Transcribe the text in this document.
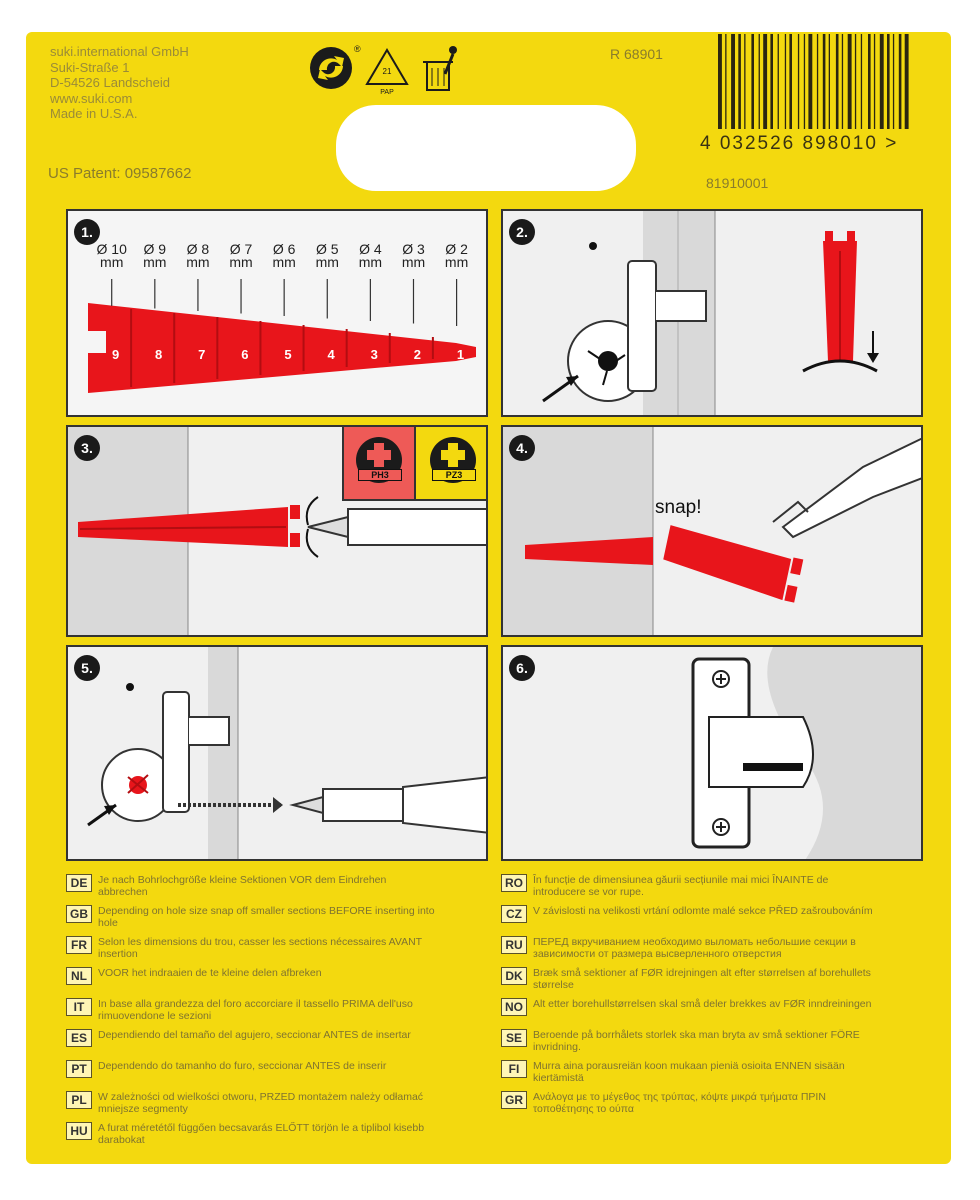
suki.international GmbH
Suki-Straße 1
D-54526 Landscheid
www.suki.com
Made in U.S.A.
US Patent: 09587662
R 68901
81910001
®
21
PAP
4 032526 898010 >
1.
9	8	7	6	5	4	3	2	1
Ø 10
mm
Ø 9
mm
Ø 8
mm
Ø 7
mm
Ø 6
mm
Ø 5
mm
Ø 4
mm
Ø 3
mm
Ø 2
mm
2.
PH3	PZ3
3.
snap!
4.
5.	6.
DE	Je nach Bohrlochgröße kleine Sektionen VOR dem Eindrehen abbrechen
GB Depending on hole size snap off smaller sections BEFORE inserting into hole
FR	Selon les dimensions du trou, casser les sections nécessaires AVANT insertion
NL	VOOR het indraaien de te kleine delen afbreken
IT	In base alla grandezza del foro accorciare il tassello PRIMA dell'uso rimuovendone le sezioni
ES	Dependiendo del tamaño del agujero, seccionar ANTES de insertar
PT	Dependendo do tamanho do furo, seccionar ANTES de inserir
PL	W zależności od wielkości otworu, PRZED montażem należy odłamać mniejsze segmenty
HU A furat méretétől függően becsavarás ELŐTT törjön le a tiplibol kisebb darabokat
RO În funcție de dimensiunea găurii secțiunile mai mici ÎNAINTE de introducere se vor rupe.
CZ	V závislosti na velikosti vrtání odlomte malé sekce PŘED zašroubováním
RU ПЕРЕД вкручиванием необходимо выломать небольшие секции в зависимости от размера высверленного отверстия
DK Bræk små sektioner af FØR idrejningen alt efter størrelsen af borehullets størrelse
NO Alt etter borehullstørrelsen skal små deler brekkes av FØR inndreiningen
SE	Beroende på borrhålets storlek ska man bryta av små sektioner FÖRE invridning.
FI	Murra aina porausreiän koon mukaan pieniä osioita ENNEN sisään kiertämistä
GR Ανάλογα με το μέγεθος της τρύπας, κόψτε μικρά τμήματα ΠΡΙΝ τοποθέτησης το ούπα
